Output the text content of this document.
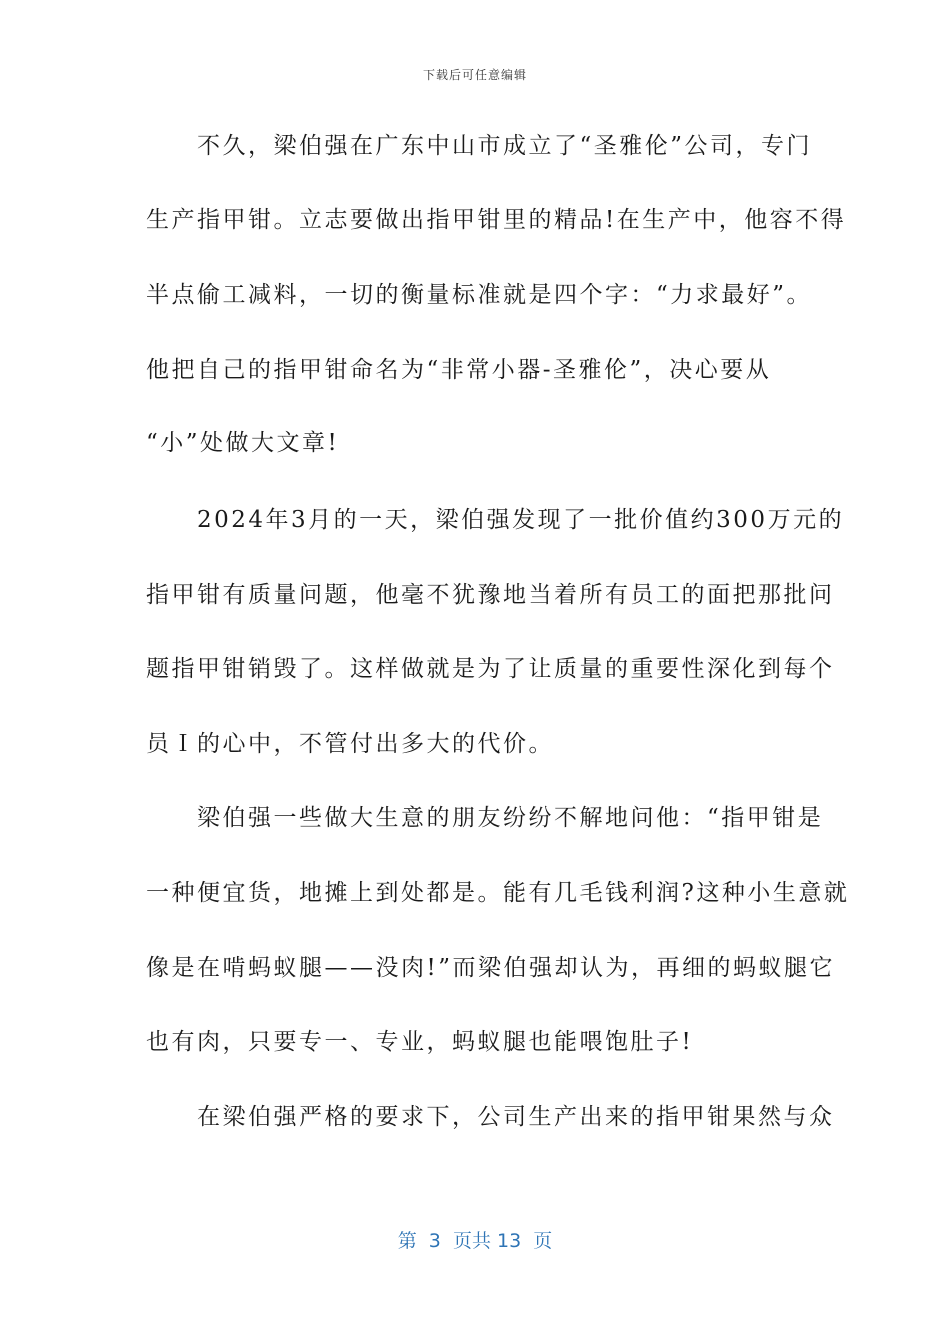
下载后可任意编辑
　　不久，梁伯强在广东中山市成立了“圣雅伦”公司，专门
生产指甲钳。立志要做出指甲钳里的精品!在生产中，他容不得
半点偷工减料，一切的衡量标准就是四个字：“力求最好”。
他把自己的指甲钳命名为“非常小器-圣雅伦”，决心要从
“小”处做大文章!
　　2024年3月的一天，梁伯强发现了一批价值约300万元的
指甲钳有质量问题，他毫不犹豫地当着所有员工的面把那批问
题指甲钳销毁了。这样做就是为了让质量的重要性深化到每个
员Ｉ的心中，不管付出多大的代价。
　　梁伯强一些做大生意的朋友纷纷不解地问他：“指甲钳是
一种便宜货，地摊上到处都是。能有几毛钱利润?这种小生意就
像是在啃蚂蚁腿——没肉!”而梁伯强却认为，再细的蚂蚁腿它
也有肉，只要专一、专业，蚂蚁腿也能喂饱肚子!
　　在梁伯强严格的要求下，公司生产出来的指甲钳果然与众
第  3  页共 13  页
